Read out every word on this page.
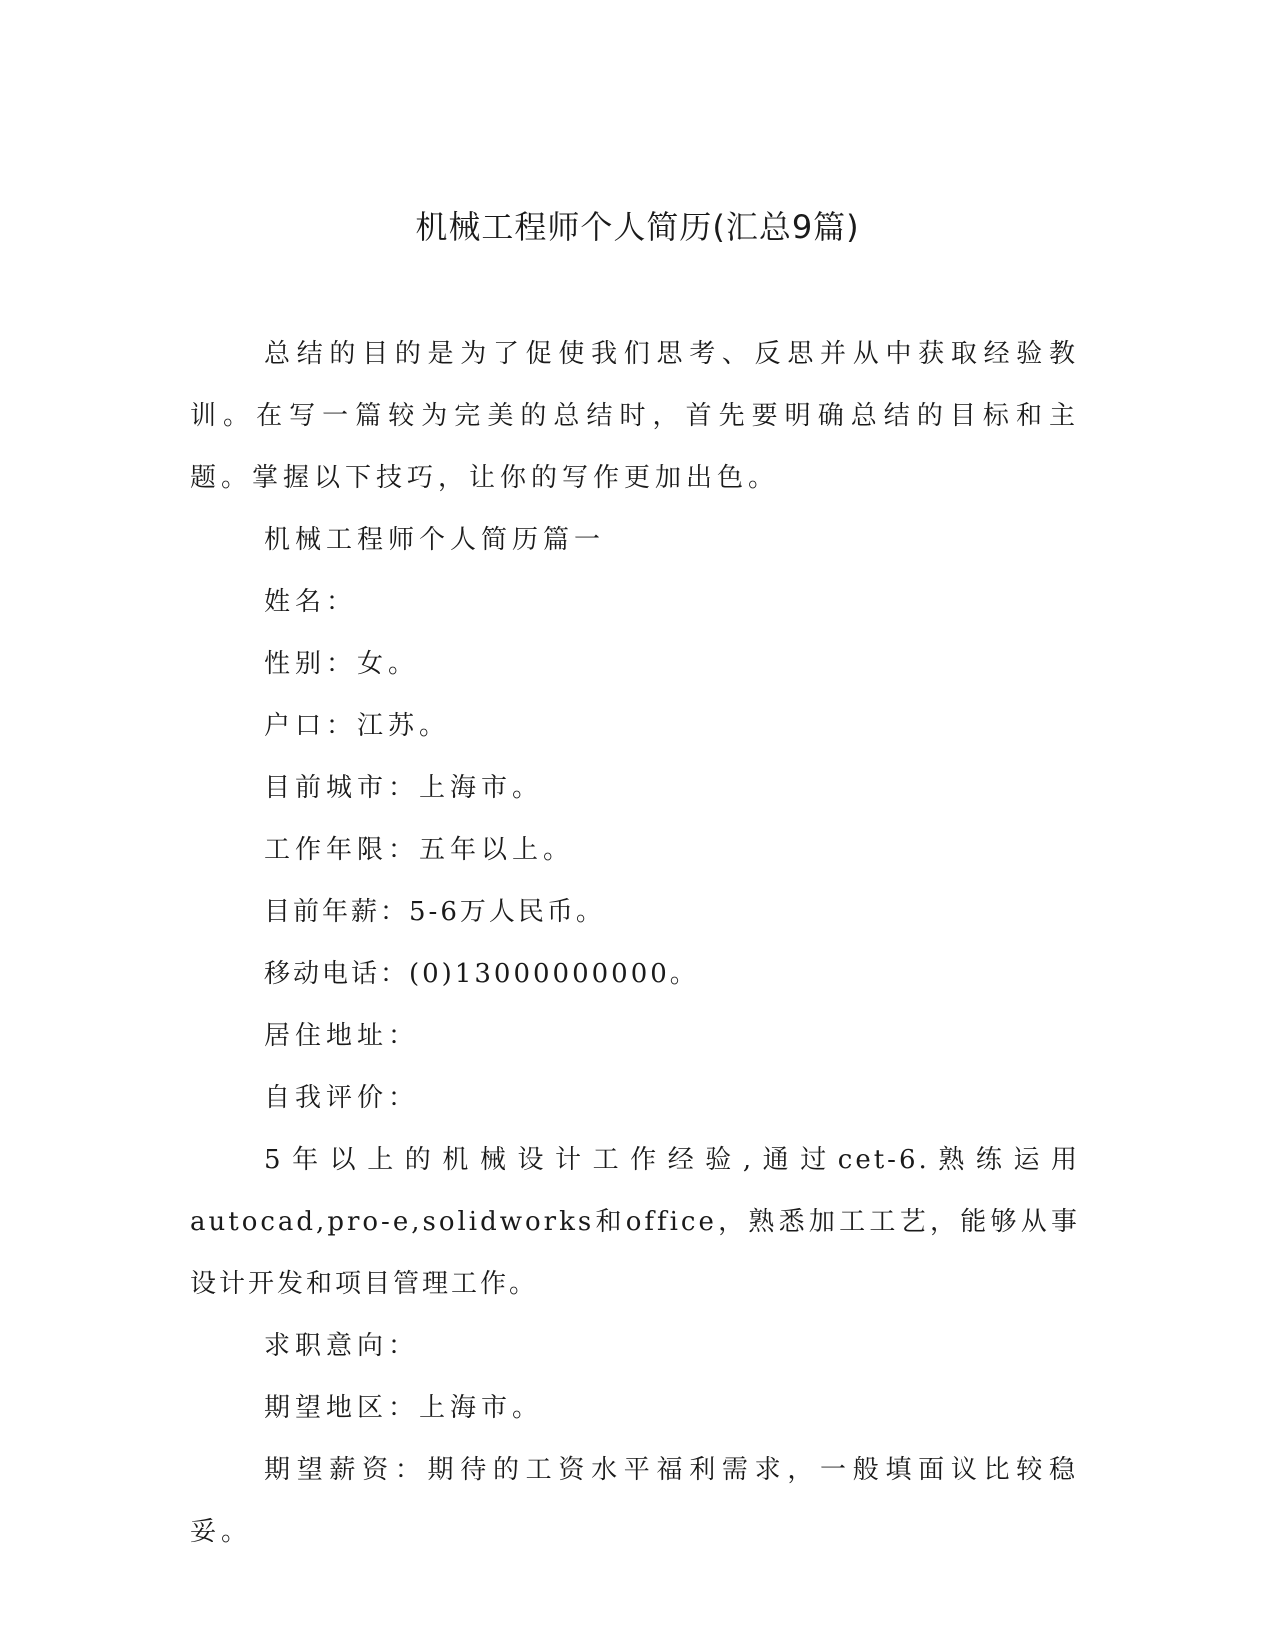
机械工程师个人简历(汇总9篇)

总结的目的是为了促使我们思考、反思并从中获取经验教训。在写一篇较为完美的总结时，首先要明确总结的目标和主题。掌握以下技巧，让你的写作更加出色。

机械工程师个人简历篇一

姓名：

性别：女。

户口：江苏。

目前城市：上海市。

工作年限：五年以上。

目前年薪：5-6万人民币。

移动电话：(0)13000000000。

居住地址：

自我评价：

5年以上的机械设计工作经验,通过cet-6.熟练运用autocad,pro-e,solidworks和office，熟悉加工工艺，能够从事设计开发和项目管理工作。

求职意向：

期望地区：上海市。

期望薪资：期待的工资水平福利需求，一般填面议比较稳妥。
